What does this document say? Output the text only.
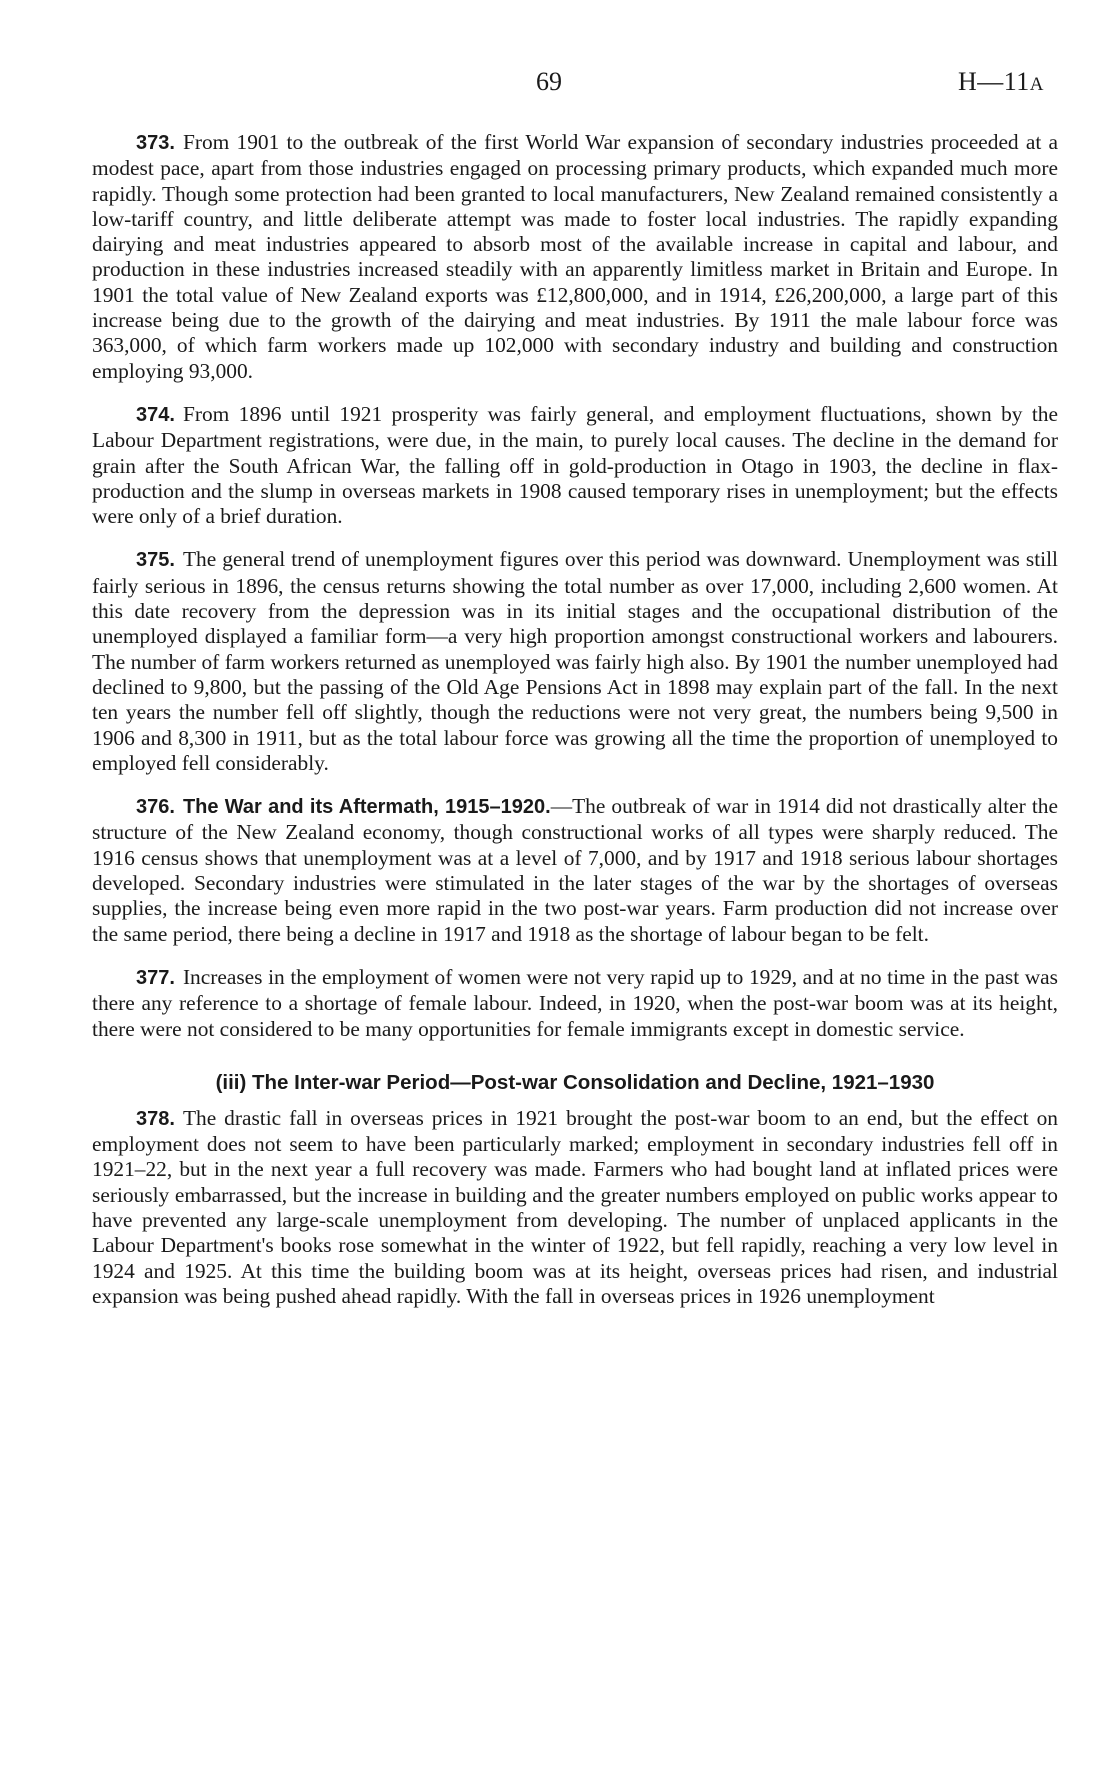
69	H—11A

373. From 1901 to the outbreak of the first World War expansion of secondary industries proceeded at a modest pace, apart from those industries engaged on processing primary products, which expanded much more rapidly. Though some protection had been granted to local manufacturers, New Zealand remained consistently a low-tariff country, and little deliberate attempt was made to foster local industries. The rapidly expanding dairying and meat industries appeared to absorb most of the available increase in capital and labour, and production in these industries increased steadily with an apparently limitless market in Britain and Europe. In 1901 the total value of New Zealand exports was £12,800,000, and in 1914, £26,200,000, a large part of this increase being due to the growth of the dairying and meat industries. By 1911 the male labour force was 363,000, of which farm workers made up 102,000 with secondary industry and building and construction employing 93,000.

374. From 1896 until 1921 prosperity was fairly general, and employment fluctuations, shown by the Labour Department registrations, were due, in the main, to purely local causes. The decline in the demand for grain after the South African War, the falling off in gold-production in Otago in 1903, the decline in flax-production and the slump in overseas markets in 1908 caused temporary rises in unemployment; but the effects were only of a brief duration.

375. The general trend of unemployment figures over this period was downward. Unemployment was still fairly serious in 1896, the census returns showing the total number as over 17,000, including 2,600 women. At this date recovery from the depression was in its initial stages and the occupational distribution of the unemployed displayed a familiar form—a very high proportion amongst constructional workers and labourers. The number of farm workers returned as unemployed was fairly high also. By 1901 the number unemployed had declined to 9,800, but the passing of the Old Age Pensions Act in 1898 may explain part of the fall. In the next ten years the number fell off slightly, though the reductions were not very great, the numbers being 9,500 in 1906 and 8,300 in 1911, but as the total labour force was growing all the time the proportion of unemployed to employed fell considerably.

376. The War and its Aftermath, 1915–1920.—The outbreak of war in 1914 did not drastically alter the structure of the New Zealand economy, though constructional works of all types were sharply reduced. The 1916 census shows that unemployment was at a level of 7,000, and by 1917 and 1918 serious labour shortages developed. Secondary industries were stimulated in the later stages of the war by the shortages of overseas supplies, the increase being even more rapid in the two post-war years. Farm production did not increase over the same period, there being a decline in 1917 and 1918 as the shortage of labour began to be felt.

377. Increases in the employment of women were not very rapid up to 1929, and at no time in the past was there any reference to a shortage of female labour. Indeed, in 1920, when the post-war boom was at its height, there were not considered to be many opportunities for female immigrants except in domestic service.

(iii) The Inter-war Period—Post-war Consolidation and Decline, 1921–1930

378. The drastic fall in overseas prices in 1921 brought the post-war boom to an end, but the effect on employment does not seem to have been particularly marked; employment in secondary industries fell off in 1921–22, but in the next year a full recovery was made. Farmers who had bought land at inflated prices were seriously embarrassed, but the increase in building and the greater numbers employed on public works appear to have prevented any large-scale unemployment from developing. The number of unplaced applicants in the Labour Department's books rose somewhat in the winter of 1922, but fell rapidly, reaching a very low level in 1924 and 1925. At this time the building boom was at its height, overseas prices had risen, and industrial expansion was being pushed ahead rapidly. With the fall in overseas prices in 1926 unemployment
